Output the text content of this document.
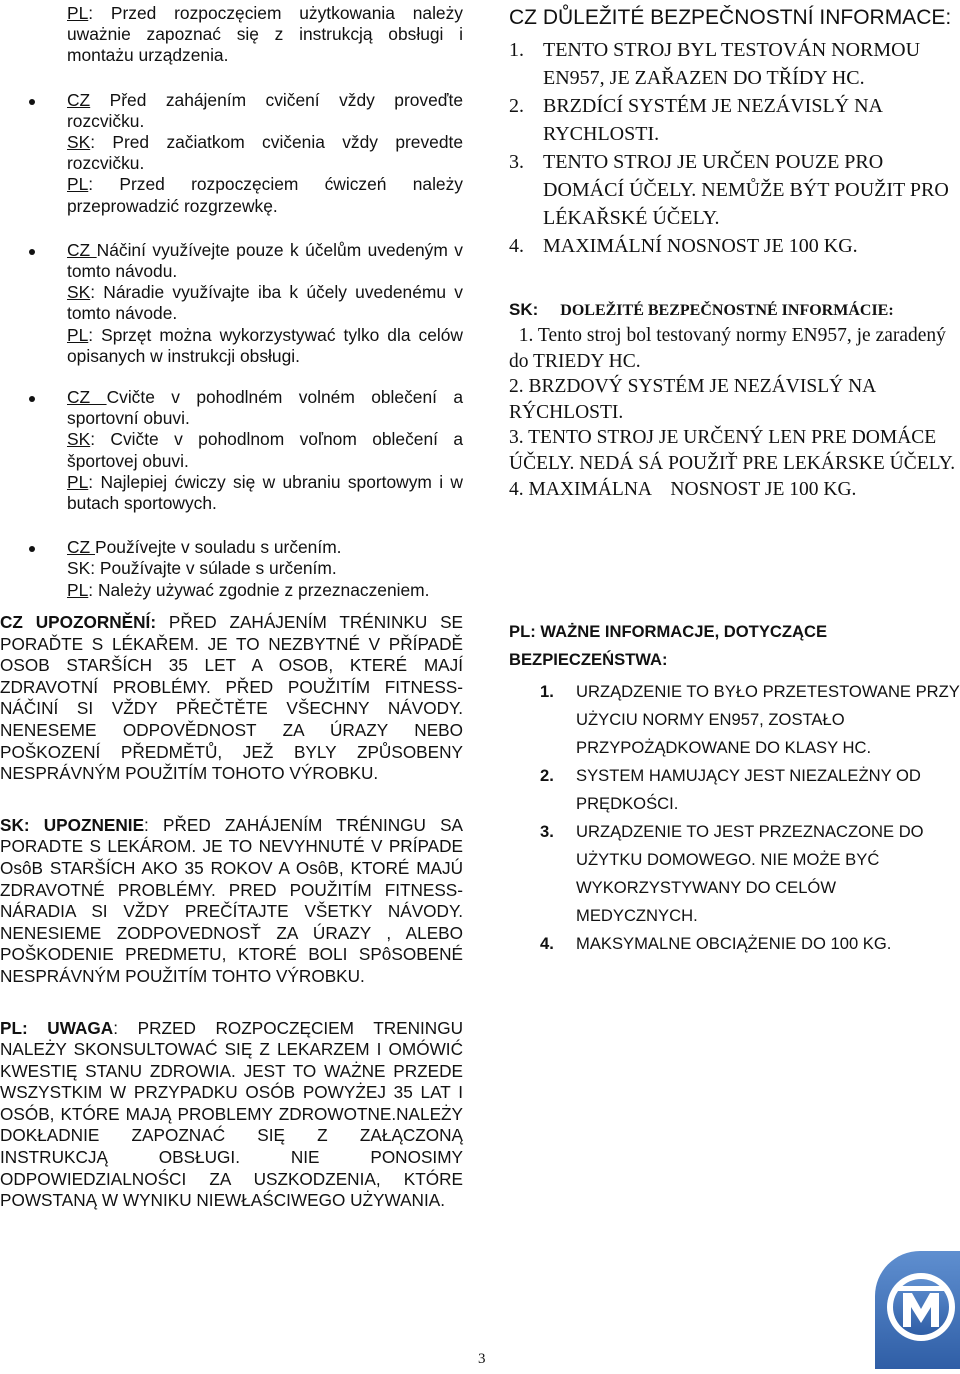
PL: Przed rozpoczęciem użytkowania należy uważnie zapoznać się z instrukcją obsługi i montażu urządzenia.

CZ Před zahájením cvičení vždy proveďte rozcvičku.

SK: Pred začiatkom cvičenia vždy prevedte rozcvičku.

PL: Przed rozpoczęciem ćwiczeń należy przeprowadzić rozgrzewkę.

CZ Náčiní využívejte pouze k účelům uvedeným v tomto návodu.

SK: Náradie využívajte iba k účely uvedenému v tomto návode.

PL: Sprzęt można wykorzystywać tylko dla celów opisanych w instrukcji obsługi.

CZ Cvičte v pohodlném volném oblečení a sportovní obuvi.

SK: Cvičte v pohodlnom voľnom oblečení a športovej obuvi.

PL: Najlepiej ćwiczy się w ubraniu sportowym i w butach sportowych.

CZ Používejte v souladu s určením.

SK: Používajte v súlade s určením.

PL: Należy używać zgodnie z przeznaczeniem.

CZ DŮLEŽITÉ BEZPEČNOSTNÍ INFORMACE:
1. TENTO STROJ BYL TESTOVÁN NORMOU EN957, JE ZAŘAZEN DO TŘÍDY HC.
2. BRZDÍCÍ SYSTÉM JE NEZÁVISLÝ NA RYCHLOSTI.
3. TENTO STROJ JE URČEN POUZE PRO DOMÁCÍ ÚČELY. NEMŮŽE BÝT POUŽIT PRO LÉKAŘSKÉ ÚČELY.
4. MAXIMÁLNÍ NOSNOST JE 100 KG.
SK: DOLEŽITÉ BEZPEČNOSTNÉ INFORMÁCIE:

1. Tento stroj bol testovaný normy EN957, je zaradený do TRIEDY HC.

2. BRZDOVÝ SYSTÉM JE NEZÁVISLÝ NA RÝCHLOSTI.

3. TENTO STROJ JE URČENÝ LEN PRE DOMÁCE ÚČELY. NEDÁ SÁ POUŽIŤ PRE LEKÁRSKE ÚČELY.

4. MAXIMÁLNA    NOSNOST JE 100 KG.

CZ UPOZORNĚNÍ: PŘED ZAHÁJENÍM TRÉNINKU SE PORAĎTE S LÉKAŘEM. JE TO NEZBYTNÉ V PŘÍPADĚ OSOB STARŠÍCH 35 LET A OSOB, KTERÉ MAJÍ ZDRAVOTNÍ PROBLÉMY. PŘED POUŽITÍM FITNESS-NÁČINÍ SI VŽDY PŘEČTĚTE VŠECHNY NÁVODY. NENESEME ODPOVĚDNOST ZA ÚRAZY NEBO POŠKOZENÍ PŘEDMĚTŮ, JEŽ BYLY ZPŮSOBENY NESPRÁVNÝM POUŽITÍM TOHOTO VÝROBKU.

SK: UPOZNENIE: PŘED ZAHÁJENÍM TRÉNINGU SA PORADTE S LEKÁROM. JE TO NEVYHNUTÉ V PRÍPADE OsôB STARŠÍCH AKO 35 ROKOV A OsôB, KTORÉ MAJÚ ZDRAVOTNÉ PROBLÉMY. PRED POUŽITÍM FITNESS-NÁRADIA SI VŽDY PREČÍTAJTE VŠETKY NÁVODY. NENESIEME ZODPOVEDNOSŤ ZA ÚRAZY , ALEBO POŠKODENIE PREDMETU, KTORÉ BOLI SPôSOBENÉ NESPRÁVNÝM POUŽITÍM TOHTO VÝROBKU.

PL: UWAGA: PRZED ROZPOCZĘCIEM TRENINGU NALEŻY SKONSULTOWAĆ SIĘ Z LEKARZEM I OMÓWIĆ KWESTIĘ STANU ZDROWIA. JEST TO WAŻNE PRZEDE WSZYSTKIM W PRZYPADKU OSÓB POWYŻEJ 35 LAT I OSÓB, KTÓRE MAJĄ PROBLEMY ZDROWOTNE.NALEŻY DOKŁADNIE ZAPOZNAĆ SIĘ Z ZAŁĄCZONĄ INSTRUKCJĄ OBSŁUGI. NIE PONOSIMY ODPOWIEDZIALNOŚCI ZA USZKODZENIA, KTÓRE POWSTANĄ W WYNIKU NIEWŁAŚCIWEGO UŻYWANIA.

PL: WAŻNE INFORMACJE, DOTYCZĄCE
BEZPIECZEŃSTWA:

1. URZĄDZENIE TO BYŁO PRZETESTOWANE PRZY UŻYCIU NORMY EN957, ZOSTAŁO PRZYPOŻĄDKOWANE DO KLASY HC.
2. SYSTEM HAMUJĄCY JEST NIEZALEŻNY OD PRĘDKOŚCI.
3. URZĄDZENIE TO JEST PRZEZNACZONE DO UŻYTKU DOMOWEGO. NIE MOŻE BYĆ WYKORZYSTYWANY DO CELÓW MEDYCZNYCH.
4. MAKSYMALNE OBCIĄŻENIE DO 100 KG.
3
